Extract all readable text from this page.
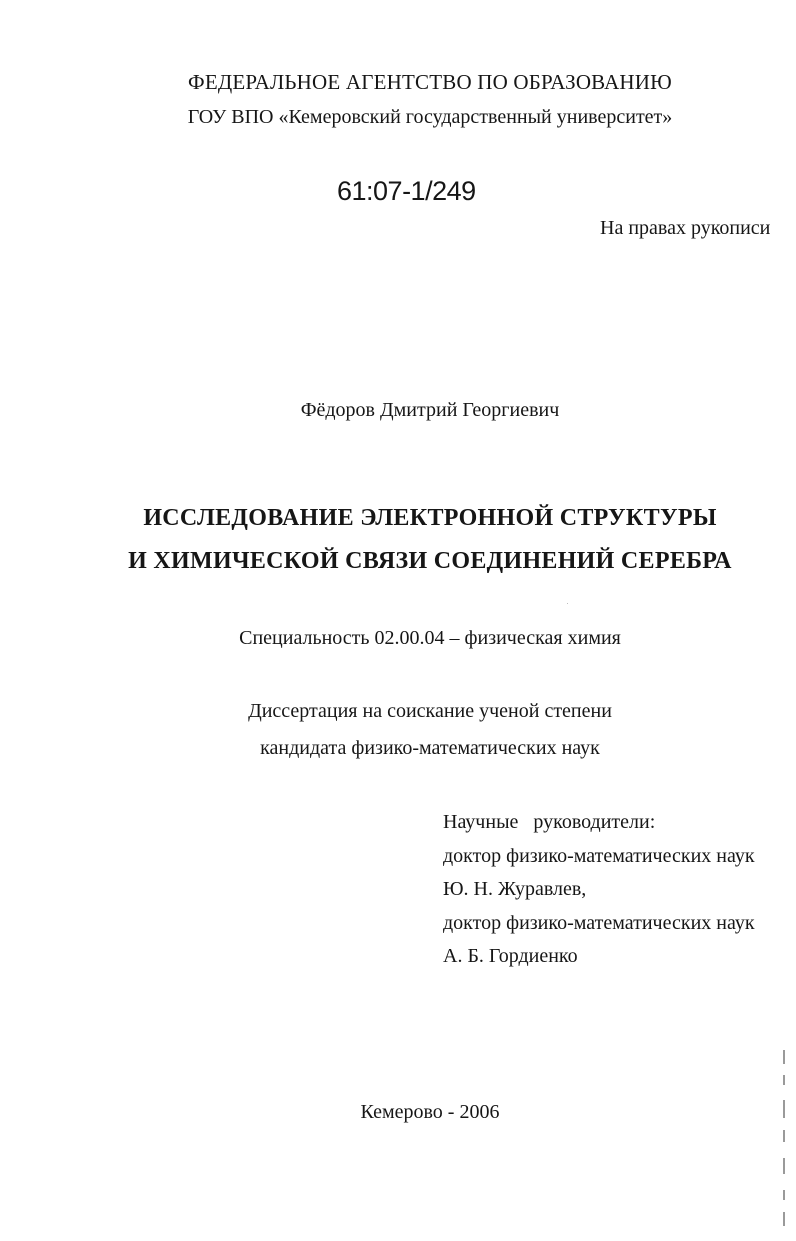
ФЕДЕРАЛЬНОЕ АГЕНТСТВО ПО ОБРАЗОВАНИЮ
ГОУ ВПО «Кемеровский государственный университет»
61:07-1/249
На правах рукописи
Фёдоров Дмитрий Георгиевич
ИССЛЕДОВАНИЕ ЭЛЕКТРОННОЙ СТРУКТУРЫ
И ХИМИЧЕСКОЙ СВЯЗИ СОЕДИНЕНИЙ СЕРЕБРА
Специальность 02.00.04 – физическая химия
Диссертация на соискание ученой степени
кандидата физико-математических наук
Научные   руководители:
доктор физико-математических наук
Ю. Н. Журавлев,
доктор физико-математических наук
А. Б. Гордиенко
Кемерово - 2006
